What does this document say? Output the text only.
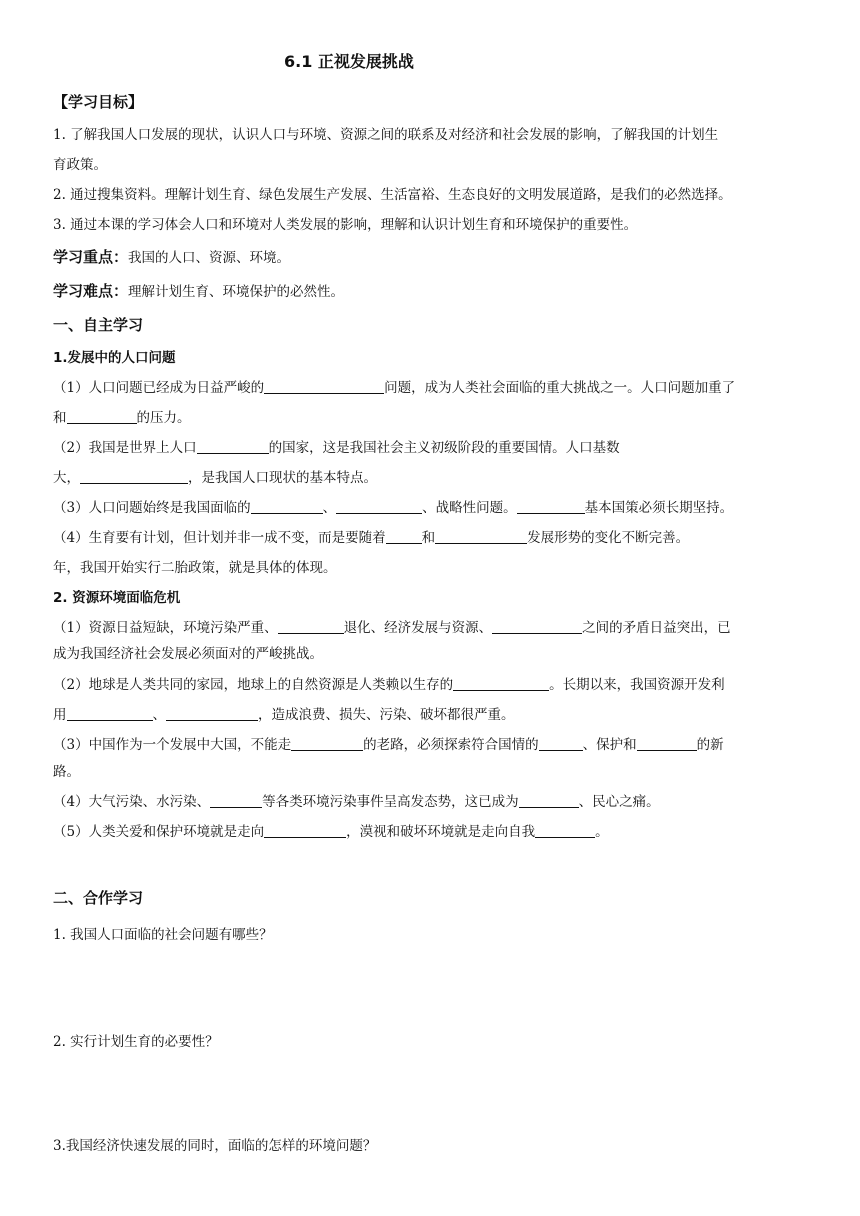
6.1 正视发展挑战
【学习目标】
1. 了解我国人口发展的现状，认识人口与环境、资源之间的联系及对经济和社会发展的影响，了解我国的计划生
育政策。
2. 通过搜集资料。理解计划生育、绿色发展生产发展、生活富裕、生态良好的文明发展道路，是我们的必然选择。
3. 通过本课的学习体会人口和环境对人类发展的影响，理解和认识计划生育和环境保护的重要性。
学习重点：我国的人口、资源、环境。
学习难点：理解计划生育、环境保护的必然性。
一、自主学习
1.发展中的人口问题
（1）人口问题已经成为日益严峻的	问题，成为人类社会面临的重大挑战之一。人口问题加重了
和	的压力。
（2）我国是世界上人口	的国家，这是我国社会主义初级阶段的重要国情。人口基数
大，	，是我国人口现状的基本特点。
（3）人口问题始终是我国面临的	、	、战略性问题。	基本国策必须长期坚持。
（4）生育要有计划，但计划并非一成不变，而是要随着	和	发展形势的变化不断完善。
年，我国开始实行二胎政策，就是具体的体现。
2. 资源环境面临危机
（1）资源日益短缺，环境污染严重、	退化、经济发展与资源、	之间的矛盾日益突出，已
成为我国经济社会发展必须面对的严峻挑战。
（2）地球是人类共同的家园，地球上的自然资源是人类赖以生存的	。长期以来，我国资源开发利
用	、	，造成浪费、损失、污染、破坏都很严重。
（3）中国作为一个发展中大国，不能走	的老路，必须探索符合国情的	、保护和	的新
路。
（4）大气污染、水污染、	等各类环境污染事件呈高发态势，这已成为	、民心之痛。
（5）人类关爱和保护环境就是走向	，漠视和破坏环境就是走向自我	。
二、合作学习
1. 我国人口面临的社会问题有哪些？
2. 实行计划生育的必要性？
3.我国经济快速发展的同时，面临的怎样的环境问题？
